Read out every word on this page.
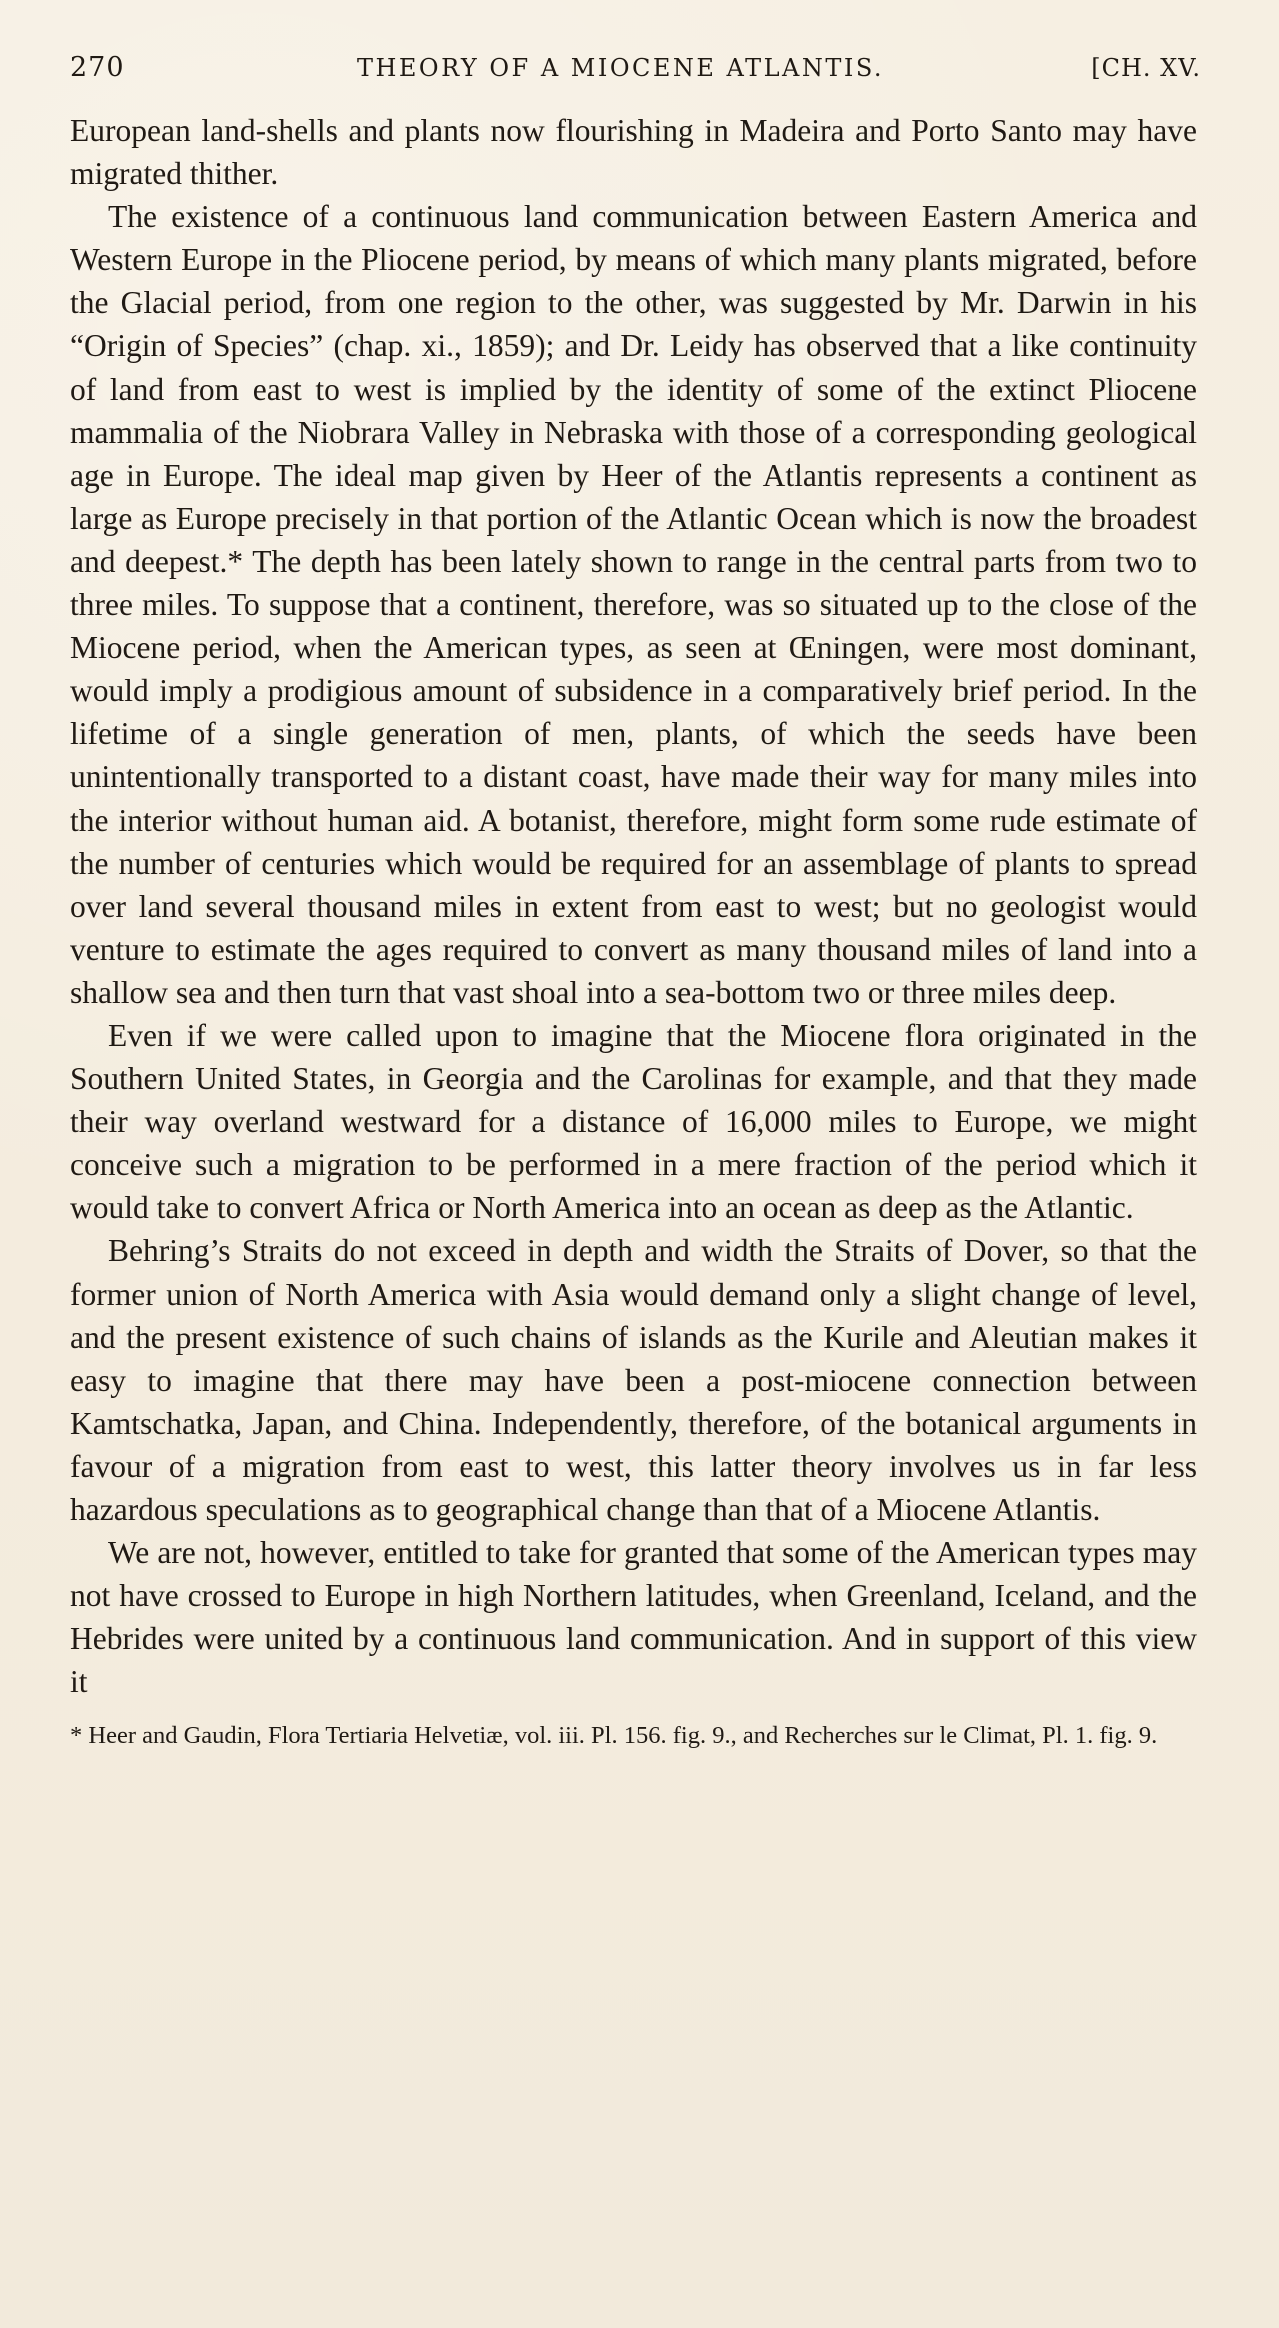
270	THEORY OF A MIOCENE ATLANTIS.	[CH. XV.

European land-shells and plants now flourishing in Madeira and Porto Santo may have migrated thither.

The existence of a continuous land communication between Eastern America and Western Europe in the Pliocene period, by means of which many plants migrated, before the Glacial period, from one region to the other, was suggested by Mr. Darwin in his “Origin of Species” (chap. xi., 1859); and Dr. Leidy has observed that a like continuity of land from east to west is implied by the identity of some of the extinct Pliocene mammalia of the Niobrara Valley in Nebraska with those of a corresponding geological age in Europe. The ideal map given by Heer of the Atlantis represents a continent as large as Europe precisely in that portion of the Atlantic Ocean which is now the broadest and deepest.* The depth has been lately shown to range in the central parts from two to three miles. To suppose that a continent, therefore, was so situated up to the close of the Miocene period, when the American types, as seen at Œningen, were most dominant, would imply a prodigious amount of subsidence in a comparatively brief period. In the lifetime of a single generation of men, plants, of which the seeds have been unintentionally transported to a distant coast, have made their way for many miles into the interior without human aid. A botanist, therefore, might form some rude estimate of the number of centuries which would be required for an assemblage of plants to spread over land several thousand miles in extent from east to west; but no geologist would venture to estimate the ages required to convert as many thousand miles of land into a shallow sea and then turn that vast shoal into a sea-bottom two or three miles deep.

Even if we were called upon to imagine that the Miocene flora originated in the Southern United States, in Georgia and the Carolinas for example, and that they made their way overland westward for a distance of 16,000 miles to Europe, we might conceive such a migration to be performed in a mere fraction of the period which it would take to convert Africa or North America into an ocean as deep as the Atlantic.

Behring’s Straits do not exceed in depth and width the Straits of Dover, so that the former union of North America with Asia would demand only a slight change of level, and the present existence of such chains of islands as the Kurile and Aleutian makes it easy to imagine that there may have been a post-miocene connection between Kamtschatka, Japan, and China. Independently, therefore, of the botanical arguments in favour of a migration from east to west, this latter theory involves us in far less hazardous speculations as to geographical change than that of a Miocene Atlantis.

We are not, however, entitled to take for granted that some of the American types may not have crossed to Europe in high Northern latitudes, when Greenland, Iceland, and the Hebrides were united by a continuous land communication. And in support of this view it

* Heer and Gaudin, Flora Tertiaria Helvetiæ, vol. iii. Pl. 156. fig. 9., and Recherches sur le Climat, Pl. 1. fig. 9.
